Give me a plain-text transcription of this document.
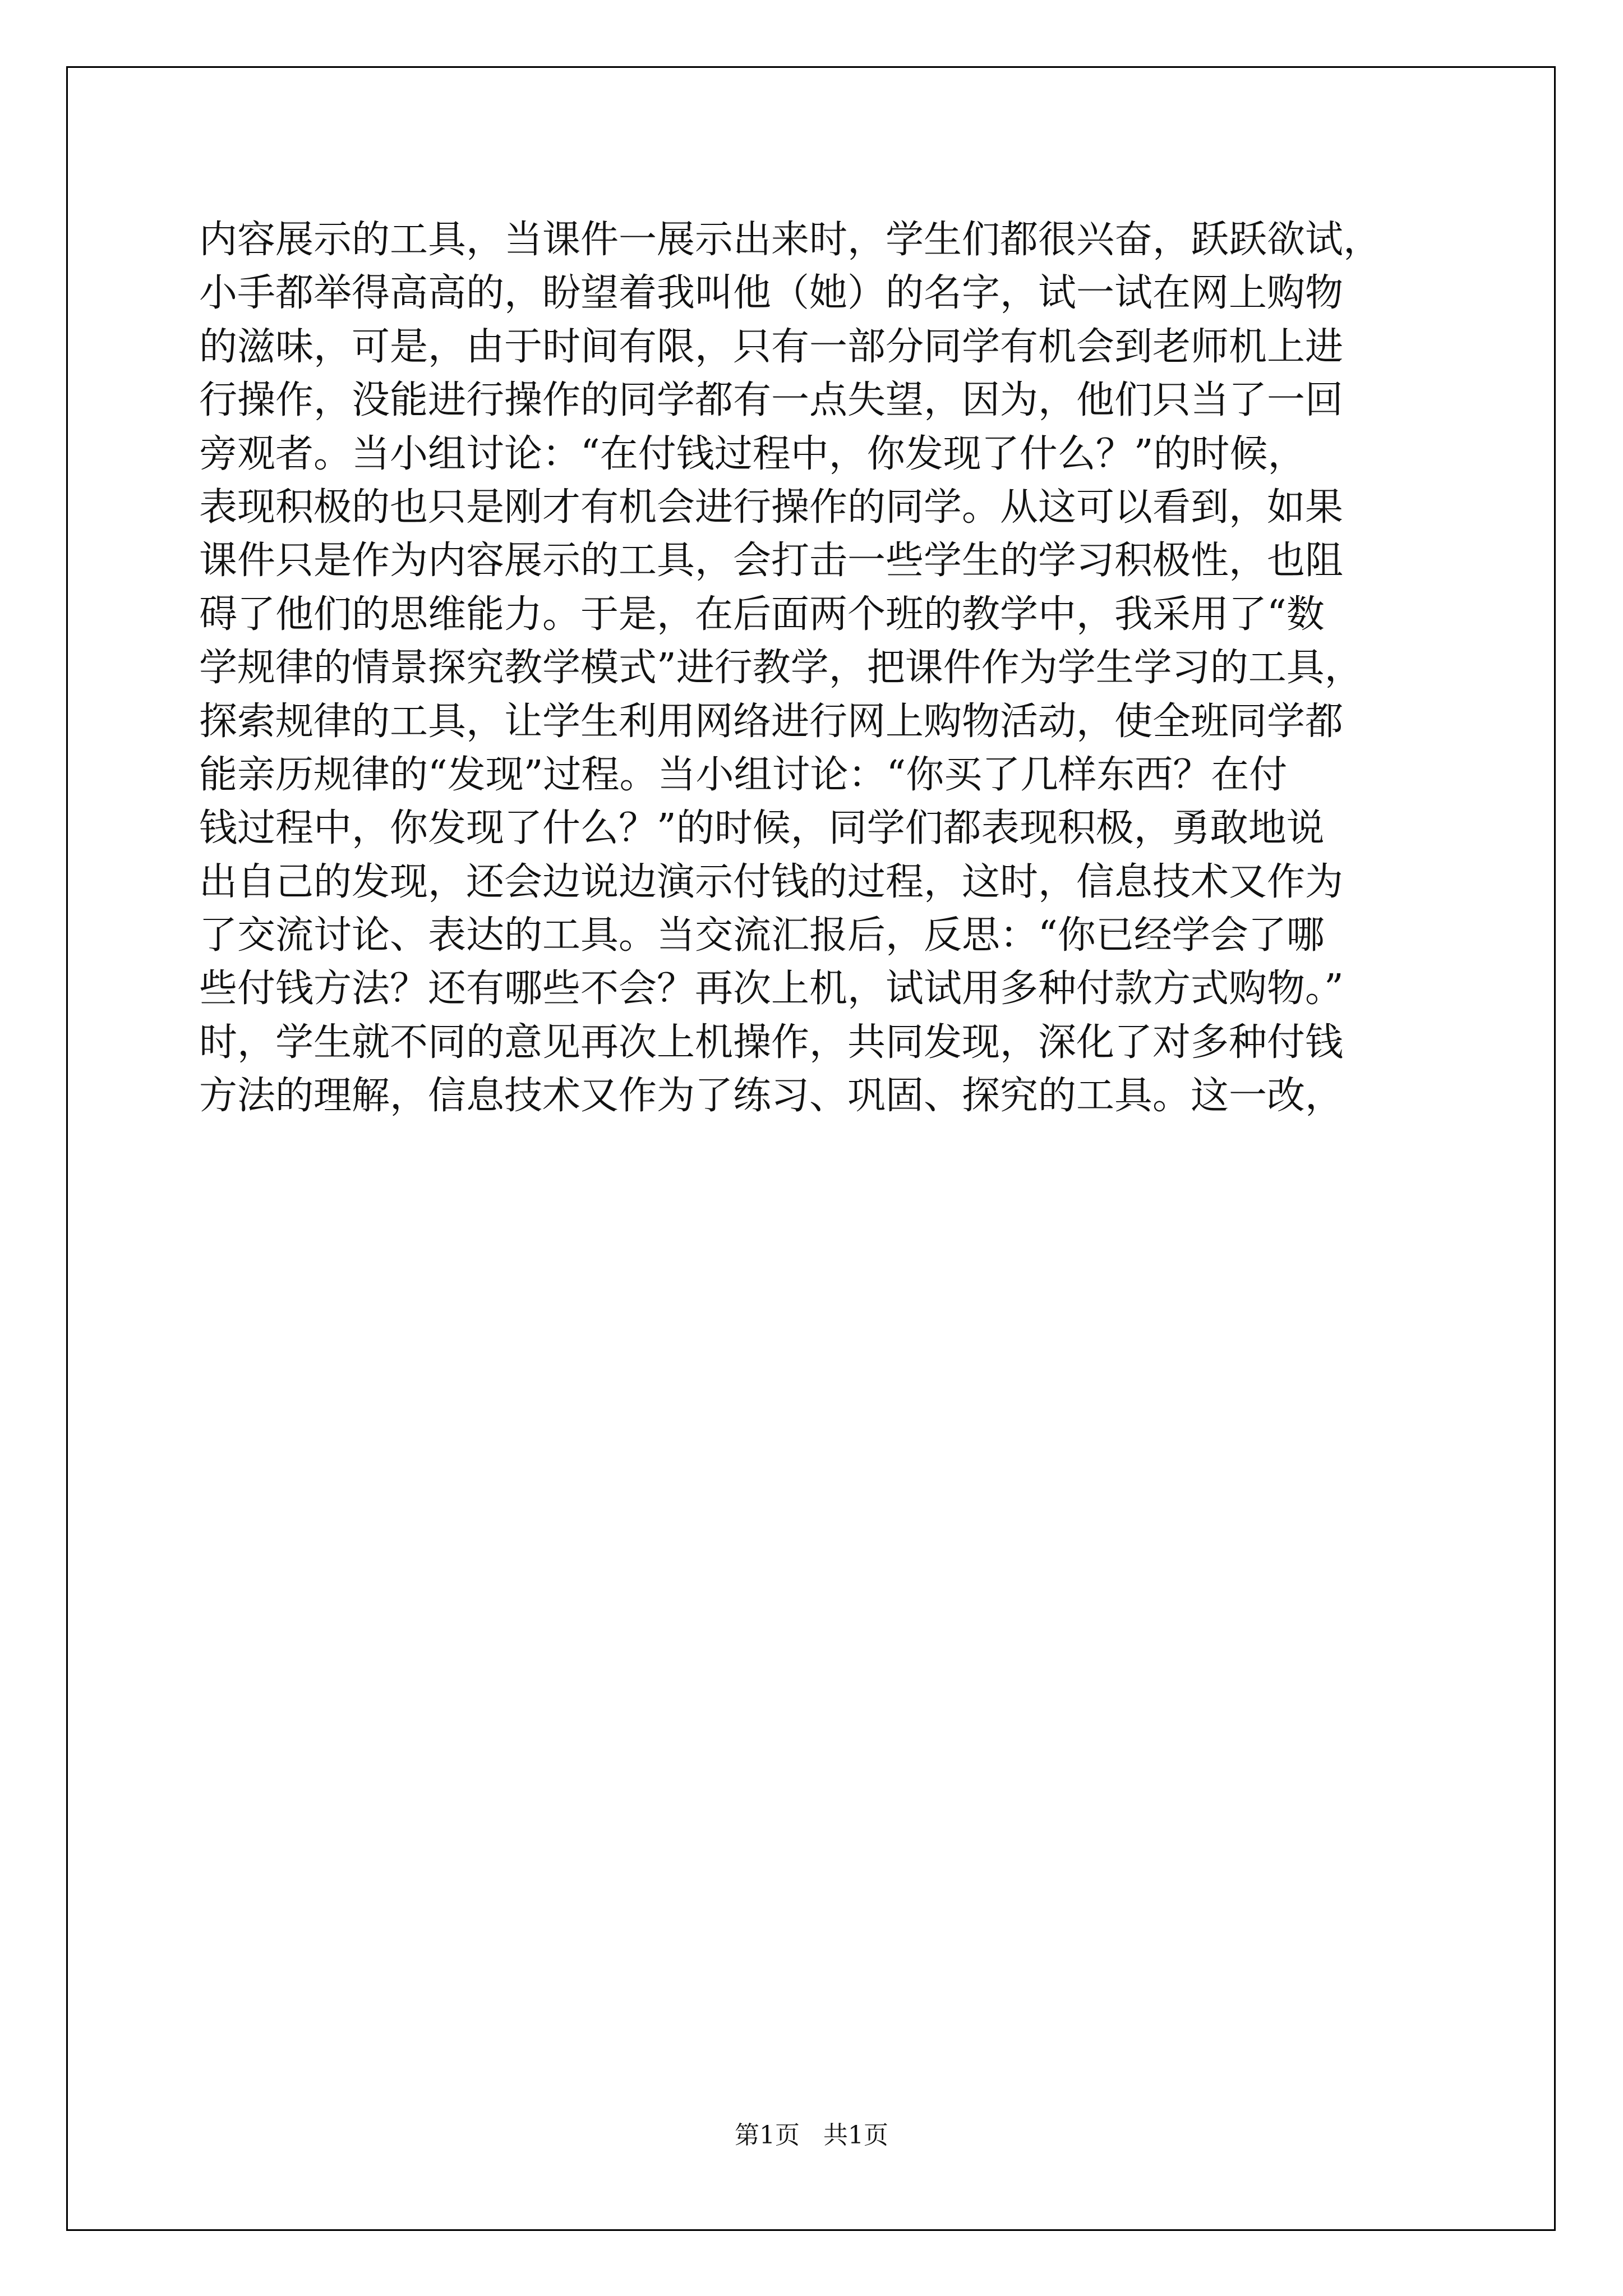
内容展示的工具，当课件一展示出来时，学生们都很兴奋，跃跃欲试，
小手都举得高高的，盼望着我叫他（她）的名字，试一试在网上购物
的滋味，可是，由于时间有限，只有一部分同学有机会到老师机上进
行操作，没能进行操作的同学都有一点失望，因为，他们只当了一回
旁观者。当小组讨论：“在付钱过程中，你发现了什么？”的时候，
表现积极的也只是刚才有机会进行操作的同学。从这可以看到，如果
课件只是作为内容展示的工具，会打击一些学生的学习积极性，也阻
碍了他们的思维能力。于是，在后面两个班的教学中，我采用了“数
学规律的情景探究教学模式”进行教学，把课件作为学生学习的工具，
探索规律的工具，让学生利用网络进行网上购物活动，使全班同学都
能亲历规律的“发现”过程。当小组讨论：“你买了几样东西？在付
钱过程中，你发现了什么？”的时候，同学们都表现积极，勇敢地说
出自己的发现，还会边说边演示付钱的过程，这时，信息技术又作为
了交流讨论、表达的工具。当交流汇报后，反思：“你已经学会了哪
些付钱方法？还有哪些不会？再次上机，试试用多种付款方式购物。”
时，学生就不同的意见再次上机操作，共同发现，深化了对多种付钱
方法的理解，信息技术又作为了练习、巩固、探究的工具。这一改，
第1页   共1页
